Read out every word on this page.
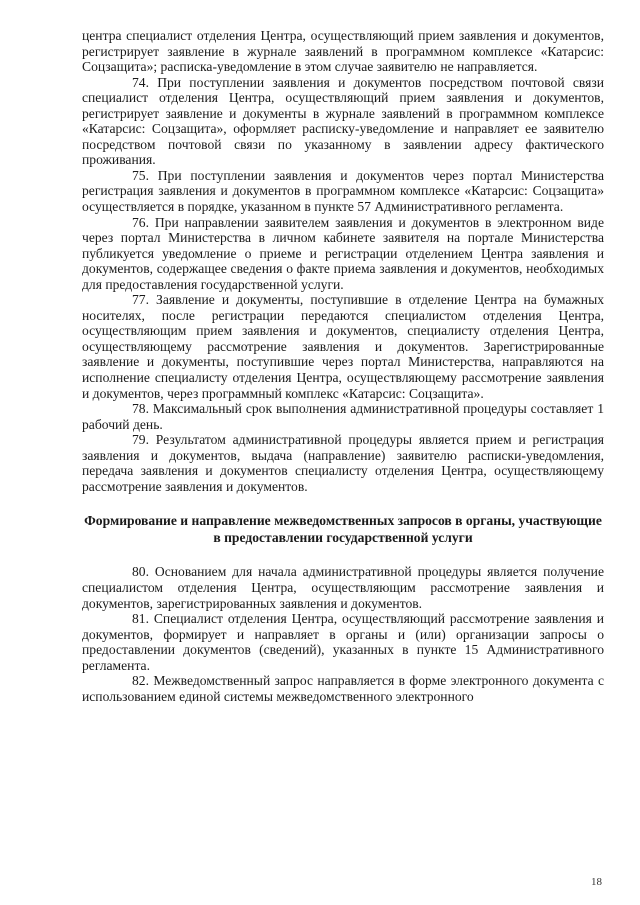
центра специалист отделения Центра, осуществляющий прием заявления и документов, регистрирует заявление в журнале заявлений в программном комплексе «Катарсис: Соцзащита»; расписка-уведомление в этом случае заявителю не направляется.

74. При поступлении заявления и документов посредством почтовой связи специалист отделения Центра, осуществляющий прием заявления и документов, регистрирует заявление и документы в журнале заявлений в программном комплексе «Катарсис: Соцзащита», оформляет расписку-уведомление и направляет ее заявителю посредством почтовой связи по указанному в заявлении адресу фактического проживания.

75. При поступлении заявления и документов через портал Министерства регистрация заявления и документов в программном комплексе «Катарсис: Соцзащита» осуществляется в порядке, указанном в пункте 57 Административного регламента.

76. При направлении заявителем заявления и документов в электронном виде через портал Министерства в личном кабинете заявителя на портале Министерства публикуется уведомление о приеме и регистрации отделением Центра заявления и документов, содержащее сведения о факте приема заявления и документов, необходимых для предоставления государственной услуги.

77. Заявление и документы, поступившие в отделение Центра на бумажных носителях, после регистрации передаются специалистом отделения Центра, осуществляющим прием заявления и документов, специалисту отделения Центра, осуществляющему рассмотрение заявления и документов. Зарегистрированные заявление и документы, поступившие через портал Министерства, направляются на исполнение специалисту отделения Центра, осуществляющему рассмотрение заявления и документов, через программный комплекс «Катарсис: Соцзащита».

78. Максимальный срок выполнения административной процедуры составляет 1 рабочий день.

79. Результатом административной процедуры является прием и регистрация заявления и документов, выдача (направление) заявителю расписки-уведомления, передача заявления и документов специалисту отделения Центра, осуществляющему рассмотрение заявления и документов.

Формирование и направление межведомственных запросов в органы, участвующие в предоставлении государственной услуги

80. Основанием для начала административной процедуры является получение специалистом отделения Центра, осуществляющим рассмотрение заявления и документов, зарегистрированных заявления и документов.

81. Специалист отделения Центра, осуществляющий рассмотрение заявления и документов, формирует и направляет в органы и (или) организации запросы о предоставлении документов (сведений), указанных в пункте 15 Административного регламента.

82. Межведомственный запрос направляется в форме электронного документа с использованием единой системы межведомственного электронного

18
